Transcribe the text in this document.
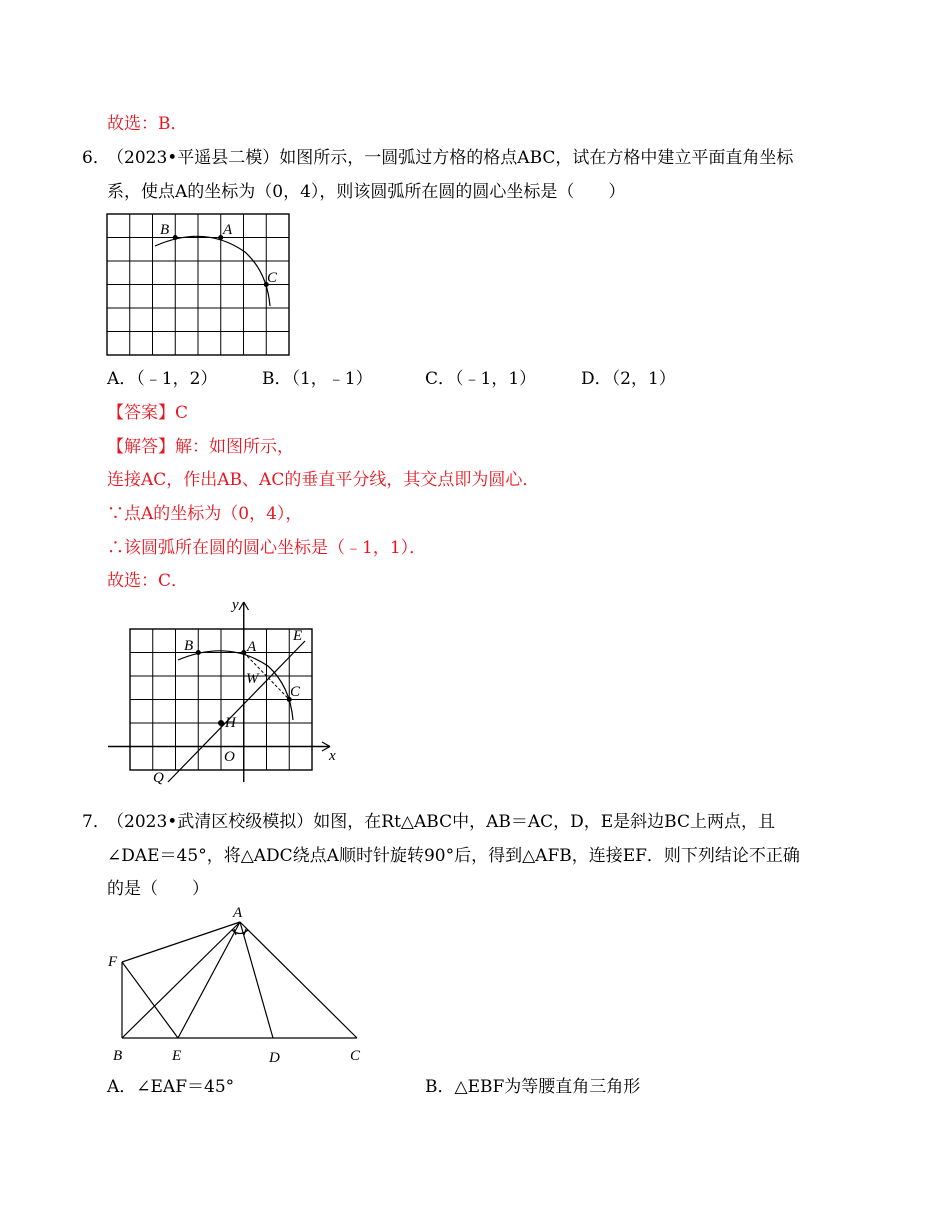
故选：B．
6．
（2023•平遥县二模）如图所示，一圆弧过方格的格点ABC，试在方格中建立平面直角坐标
系，使点A的坐标为（0，4），则该圆弧所在圆的圆心坐标是（　　）
B	A
C
A．（﹣1，2）	B．（1，﹣1）	C．（﹣1，1）	D．（2，1）
【答案】C
【解答】解：如图所示，
连接AC，作出AB、AC的垂直平分线，其交点即为圆心．
∵点A的坐标为（0，4），
∴该圆弧所在圆的圆心坐标是（﹣1，1）．
故选：C．
y
x
B	A
E
W
C
H
O
Q
7．
（2023•武清区校级模拟）如图，在Rt△ABC中，AB＝AC，D，E是斜边BC上两点，且
∠DAE＝45°，将△ADC绕点A顺时针旋转90°后，得到△AFB，连接EF．则下列结论不正确
的是（　　）
A
F
B	E	D	C
A．∠EAF＝45°	B．△EBF为等腰直角三角形
